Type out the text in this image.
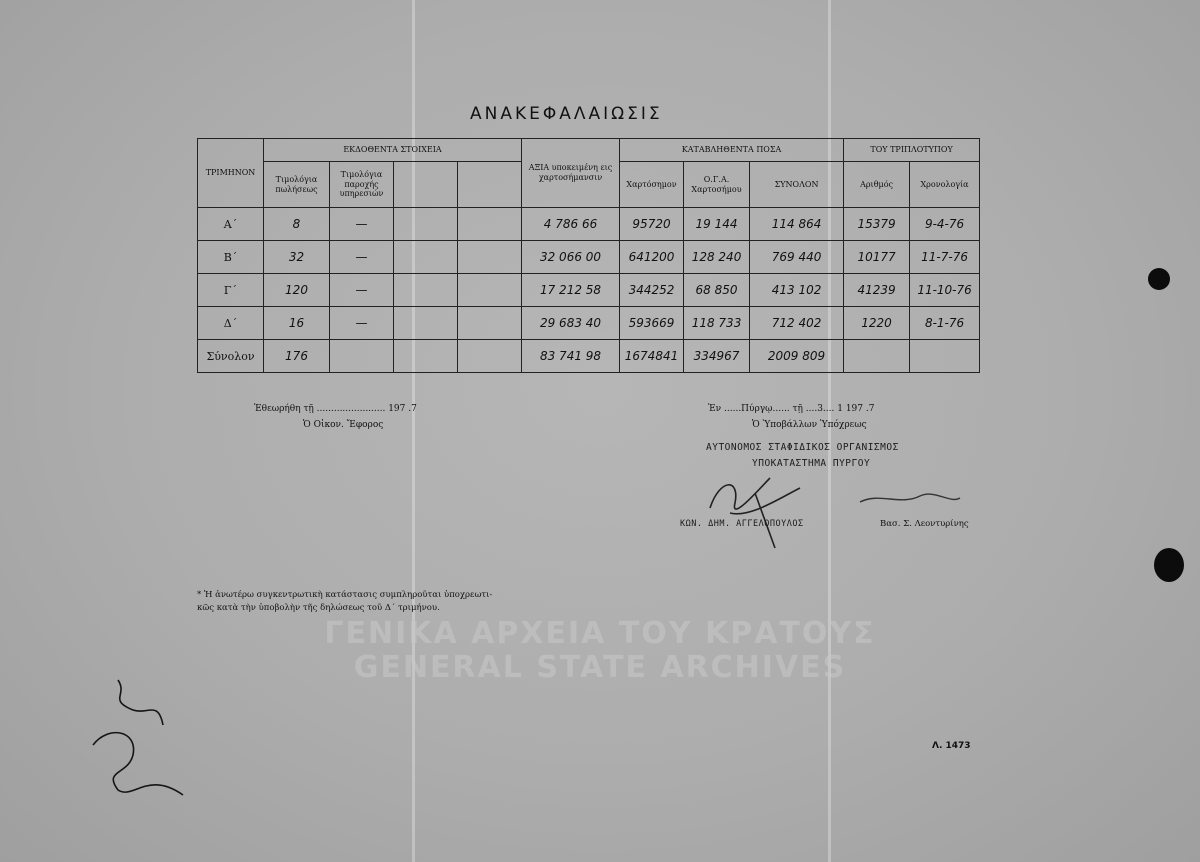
ΑΝΑΚΕΦΑΛΑΙΩΣΙΣ
ΤΡΙΜΗΝΟΝ	ΕΚΔΟΘΕΝΤΑ ΣΤΟΙΧΕΙΑ				ΑΞΙΑ υποκειμένη εις χαρτοσήμανσιν	ΚΑΤΑΒΛΗΘΕΝΤΑ ΠΟΣΑ			ΤΟΥ ΤΡΙΠΛΟΤΥΠΟΥ	
	Τιμολόγια πωλήσεως	Τιμολόγια παροχής υπηρεσιών				Χαρτόσημον	Ο.Γ.Α. Χαρτοσήμου	ΣΥΝΟΛΟΝ	Αριθμός	Χρονολογία
Α΄	8	—			4 786 66	95720	19 144	114 864	15379	9-4-76
Β΄	32	—			32 066 00	641200	128 240	769 440	10177	11-7-76
Γ΄	120	—			17 212 58	344252	68 850	413 102	41239	11-10-76
Δ΄	16	—			29 683 40	593669	118 733	712 402	1220	8-1-76
Σύνολον	176				83 741 98	1674841	334967	2009 809		
Ἐθεωρήθη τῇ ........................ 197 .7
Ὁ Οἰκον. Ἔφορος
Ἐν ......Πύργῳ...... τῇ ....3.... 1 197 .7
Ὁ Ὑποβάλλων Ὑπόχρεως
ΑΥΤΟΝΟΜΟΣ ΣΤΑΦΙΔΙΚΟΣ ΟΡΓΑΝΙΣΜΟΣ
ΥΠΟΚΑΤΑΣΤΗΜΑ ΠΥΡΓΟΥ
ΚΩΝ. ΔΗΜ. ΑΓΓΕΛΟΠΟΥΛΟΣ	Βασ. Σ. Λεοντυρίνης
* Ἡ ἀνωτέρω συγκεντρωτικὴ κατάστασις συμπληροῦται ὑποχρεωτι-
κῶς κατὰ τὴν ὑποβολὴν τῆς δηλώσεως τοῦ Δ΄ τριμήνου.
ΓΕΝΙΚΑ ΑΡΧΕΙΑ ΤΟΥ ΚΡΑΤΟΥΣ
GENERAL STATE ARCHIVES
Λ. 1473
